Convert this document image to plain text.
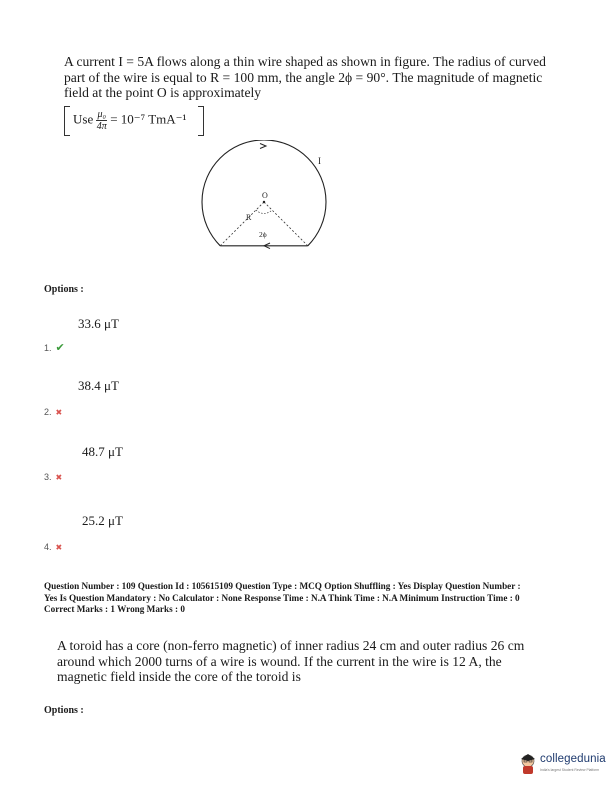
A current I = 5A flows along a thin wire shaped as shown in figure. The radius of curved
part of the wire is equal to R = 100 mm, the angle 2ϕ = 90°. The magnitude of magnetic
field at the point O is approximately
Use $\frac{\text{μ₀}}{4\pi} = 10^{-7}$ TmA⁻¹
I
O
R
2ϕ
Options :
33.6 μT
1. ✔
38.4 μT
2. ✖
48.7 μT
3. ✖
25.2 μT
4. ✖
Question Number : 109 Question Id : 105615109 Question Type : MCQ Option Shuffling : Yes Display Question Number :
Yes Is Question Mandatory : No Calculator : None Response Time : N.A Think Time : N.A Minimum Instruction Time : 0
Correct Marks : 1 Wrong Marks : 0
A toroid has a core (non-ferro magnetic) of inner radius 24 cm and outer radius 26 cm
around which 2000 turns of a wire is wound. If the current in the wire is 12 A, the
magnetic field inside the core of the toroid is
Options :
collegedunia
India's largest Student Review Platform
